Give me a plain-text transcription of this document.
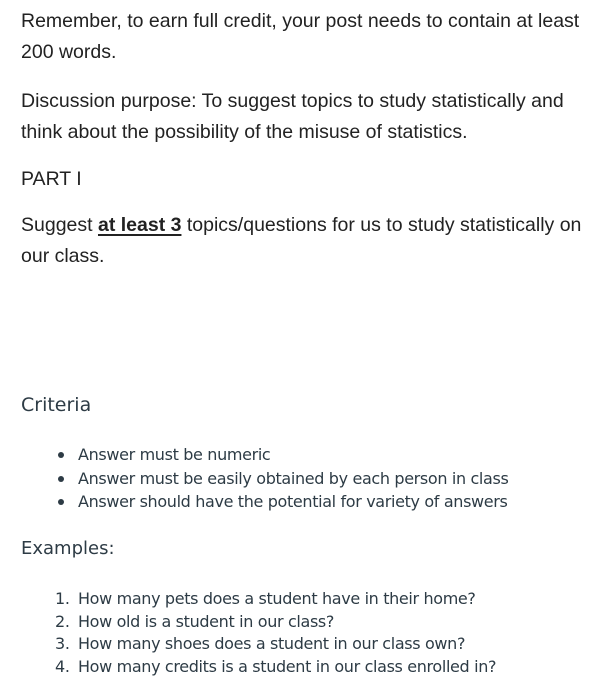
Remember, to earn full credit, your post needs to contain at least 200 words.

Discussion purpose: To suggest topics to study statistically and think about the possibility of the misuse of statistics.

PART I

Suggest at least 3 topics/questions for us to study statistically on our class.

Criteria
Answer must be numeric
Answer must be easily obtained by each person in class
Answer should have the potential for variety of answers
Examples:
1. How many pets does a student have in their home?
2. How old is a student in our class?
3. How many shoes does a student in our class own?
4. How many credits is a student in our class enrolled in?
